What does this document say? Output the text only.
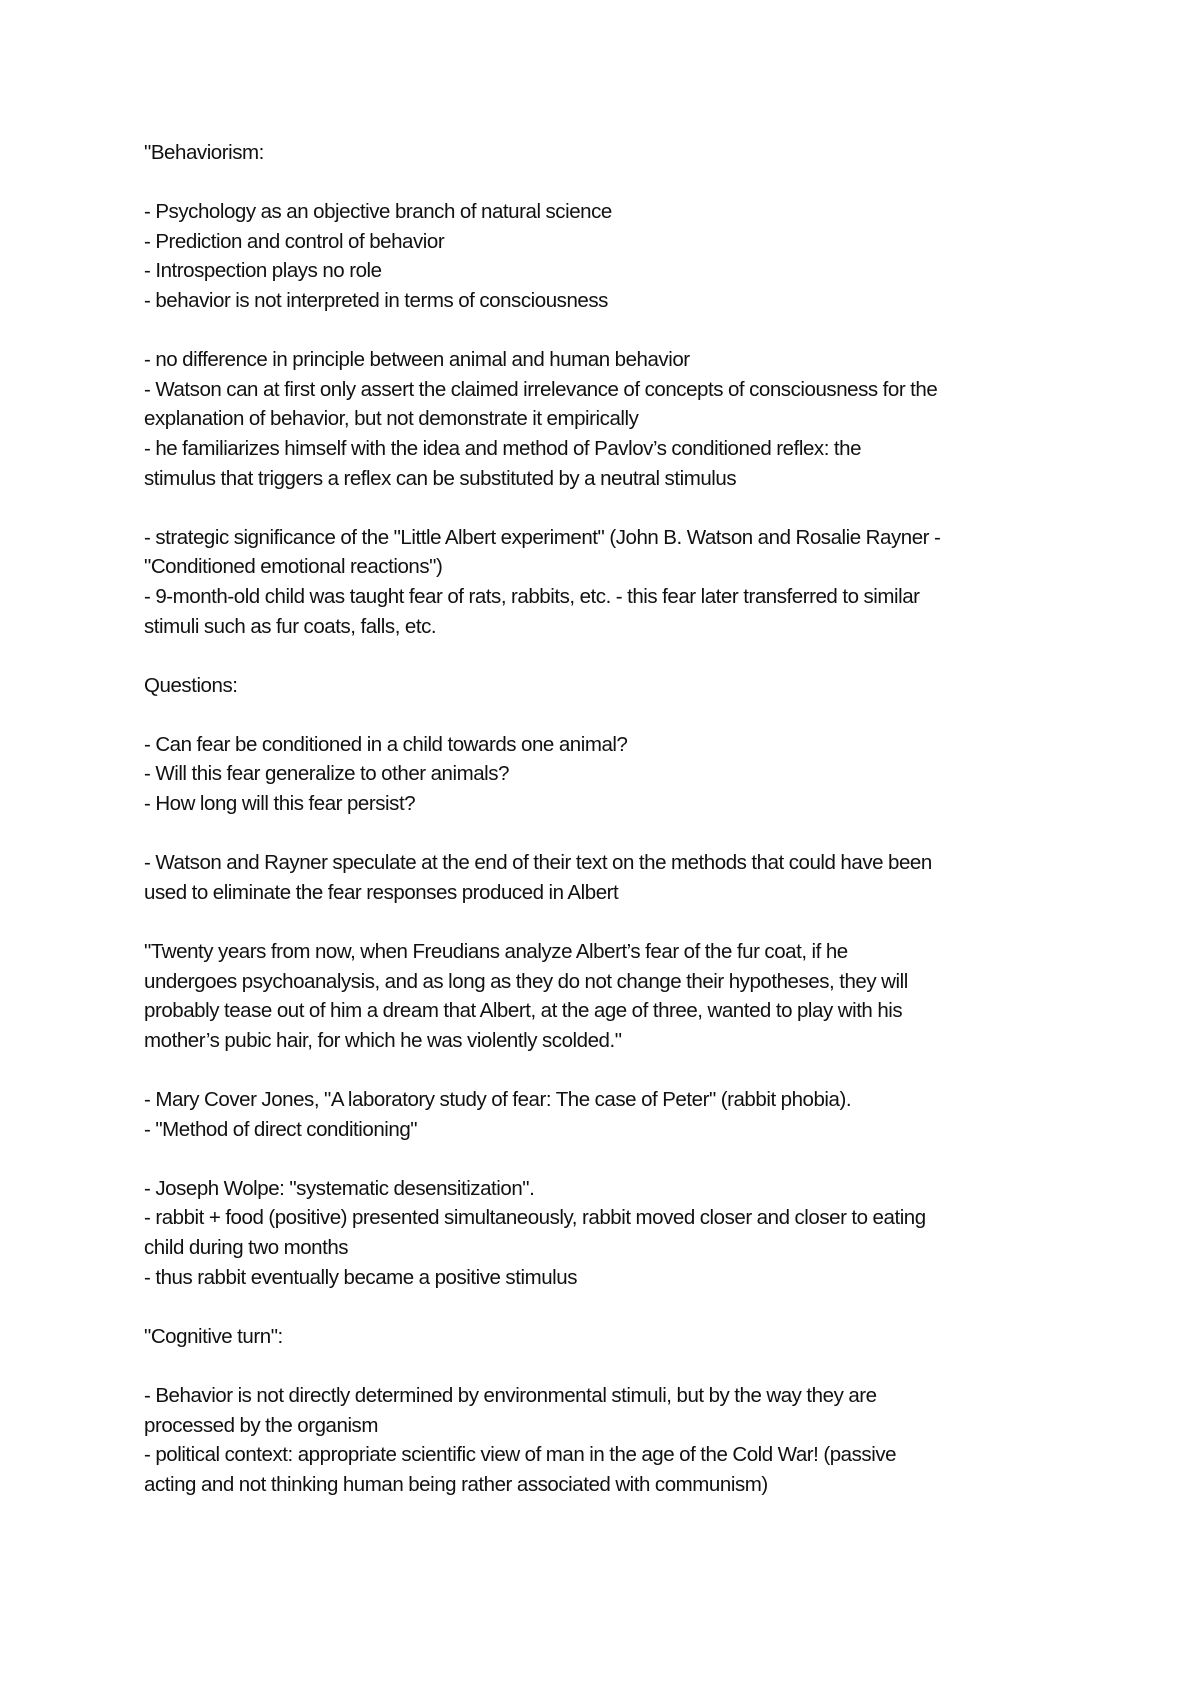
"Behaviorism:

- Psychology as an objective branch of natural science

- Prediction and control of behavior

- Introspection plays no role

- behavior is not interpreted in terms of consciousness

- no difference in principle between animal and human behavior

- Watson can at first only assert the claimed irrelevance of concepts of consciousness for the

explanation of behavior, but not demonstrate it empirically

- he familiarizes himself with the idea and method of Pavlov’s conditioned reflex: the

stimulus that triggers a reflex can be substituted by a neutral stimulus

- strategic significance of the "Little Albert experiment" (John B. Watson and Rosalie Rayner -

"Conditioned emotional reactions")

- 9-month-old child was taught fear of rats, rabbits, etc. - this fear later transferred to similar

stimuli such as fur coats, falls, etc.

Questions:

- Can fear be conditioned in a child towards one animal?

- Will this fear generalize to other animals?

- How long will this fear persist?

- Watson and Rayner speculate at the end of their text on the methods that could have been

used to eliminate the fear responses produced in Albert

"Twenty years from now, when Freudians analyze Albert’s fear of the fur coat, if he

undergoes psychoanalysis, and as long as they do not change their hypotheses, they will

probably tease out of him a dream that Albert, at the age of three, wanted to play with his

mother’s pubic hair, for which he was violently scolded."

- Mary Cover Jones, "A laboratory study of fear: The case of Peter" (rabbit phobia).

- "Method of direct conditioning"

- Joseph Wolpe: "systematic desensitization".

- rabbit + food (positive) presented simultaneously, rabbit moved closer and closer to eating

child during two months

- thus rabbit eventually became a positive stimulus

"Cognitive turn":

- Behavior is not directly determined by environmental stimuli, but by the way they are

processed by the organism

- political context: appropriate scientific view of man in the age of the Cold War! (passive

acting and not thinking human being rather associated with communism)
